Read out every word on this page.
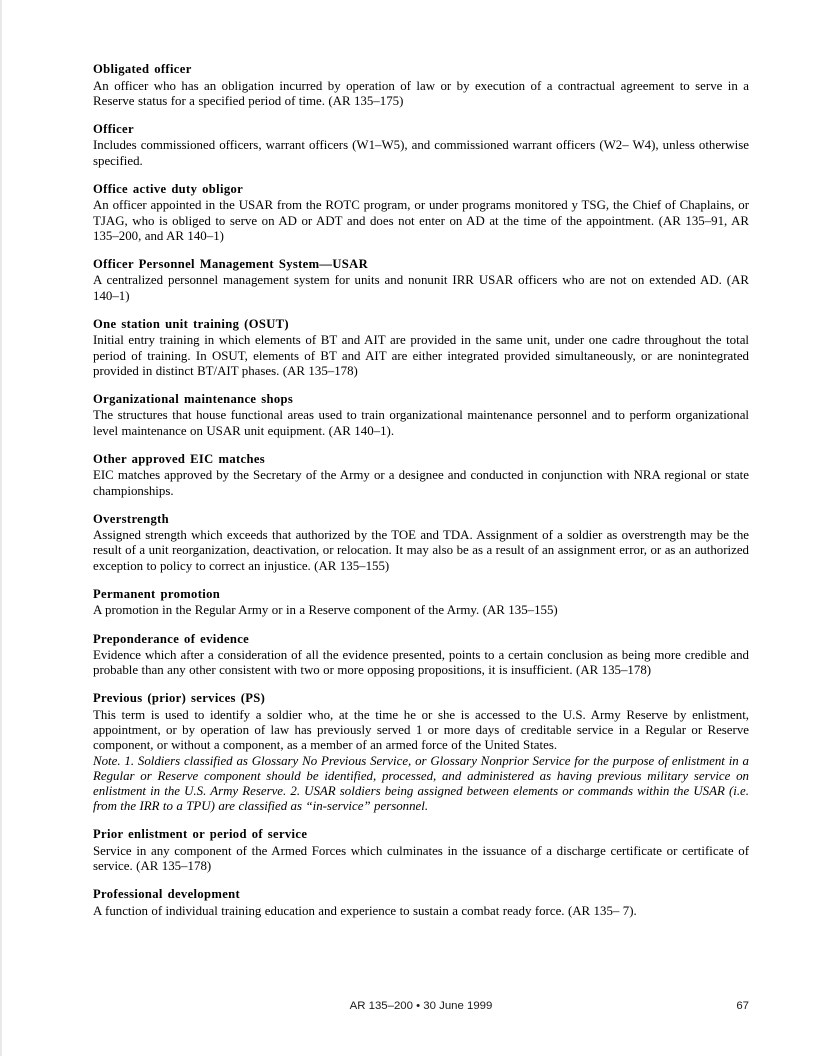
Obligated officer
An officer who has an obligation incurred by operation of law or by execution of a contractual agreement to serve in a Reserve status for a specified period of time. (AR 135–175)
Officer
Includes commissioned officers, warrant officers (W1–W5), and commissioned warrant officers (W2– W4), unless otherwise specified.
Office active duty obligor
An officer appointed in the USAR from the ROTC program, or under programs monitored y TSG, the Chief of Chaplains, or TJAG, who is obliged to serve on AD or ADT and does not enter on AD at the time of the appointment. (AR 135–91, AR 135–200, and AR 140–1)
Officer Personnel Management System—USAR
A centralized personnel management system for units and nonunit IRR USAR officers who are not on extended AD. (AR 140–1)
One station unit training (OSUT)
Initial entry training in which elements of BT and AIT are provided in the same unit, under one cadre throughout the total period of training. In OSUT, elements of BT and AIT are either integrated provided simultaneously, or are nonintegrated provided in distinct BT/AIT phases. (AR 135–178)
Organizational maintenance shops
The structures that house functional areas used to train organizational maintenance personnel and to perform organizational level maintenance on USAR unit equipment. (AR 140–1).
Other approved EIC matches
EIC matches approved by the Secretary of the Army or a designee and conducted in conjunction with NRA regional or state championships.
Overstrength
Assigned strength which exceeds that authorized by the TOE and TDA. Assignment of a soldier as overstrength may be the result of a unit reorganization, deactivation, or relocation. It may also be as a result of an assignment error, or as an authorized exception to policy to correct an injustice. (AR 135–155)
Permanent promotion
A promotion in the Regular Army or in a Reserve component of the Army. (AR 135–155)
Preponderance of evidence
Evidence which after a consideration of all the evidence presented, points to a certain conclusion as being more credible and probable than any other consistent with two or more opposing propositions, it is insufficient. (AR 135–178)
Previous (prior) services (PS)
This term is used to identify a soldier who, at the time he or she is accessed to the U.S. Army Reserve by enlistment, appointment, or by operation of law has previously served 1 or more days of creditable service in a Regular or Reserve component, or without a component, as a member of an armed force of the United States.
Note. 1. Soldiers classified as Glossary No Previous Service, or Glossary Nonprior Service for the purpose of enlistment in a Regular or Reserve component should be identified, processed, and administered as having previous military service on enlistment in the U.S. Army Reserve. 2. USAR soldiers being assigned between elements or commands within the USAR (i.e. from the IRR to a TPU) are classified as “in-service” personnel.
Prior enlistment or period of service
Service in any component of the Armed Forces which culminates in the issuance of a discharge certificate or certificate of service. (AR 135–178)
Professional development
A function of individual training education and experience to sustain a combat ready force. (AR 135– 7).
AR 135–200 • 30 June 1999	67
